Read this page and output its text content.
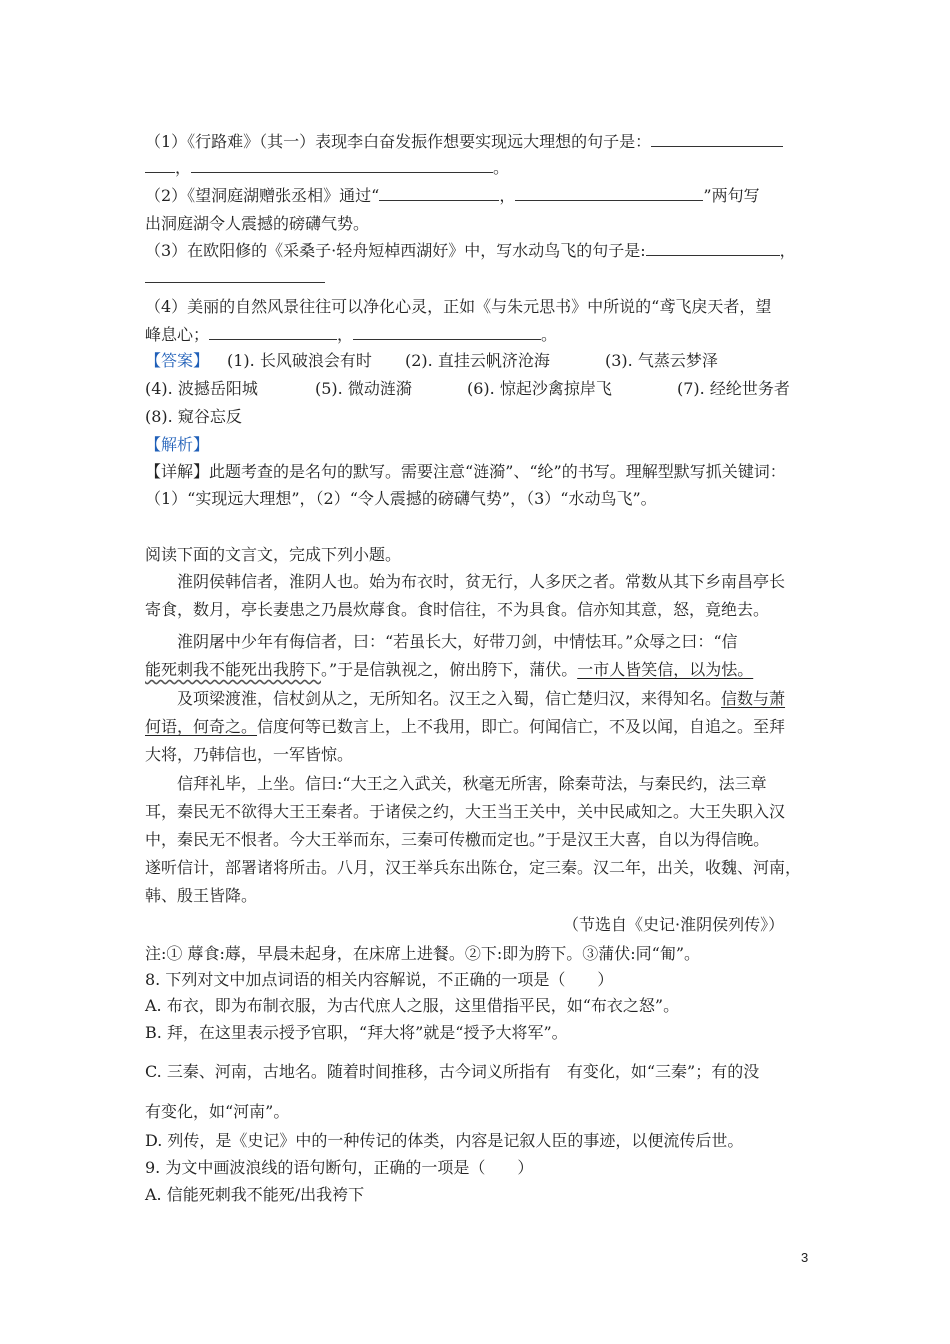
（1）《行路难》（其一）表现李白奋发振作想要实现远大理想的句子是：
，	。
（2）《望洞庭湖赠张丞相》通过“	，	”两句写
出洞庭湖令人震撼的磅礴气势。
（3）在欧阳修的《采桑子·轻舟短棹西湖好》中，写水动鸟飞的句子是:	，
（4）美丽的自然风景往往可以净化心灵，正如《与朱元思书》中所说的“鸢飞戾天者，望
峰息心；	，	。
【答案】 (1). 长风破浪会有时 (2). 直挂云帆济沧海	(3). 气蒸云梦泽
(4). 波撼岳阳城	(5). 微动涟漪	(6). 惊起沙禽掠岸飞	(7). 经纶世务者
(8). 窥谷忘反
【解析】
【详解】此题考查的是名句的默写。需要注意“涟漪”、“纶”的书写。理解型默写抓关键词：
（1）“实现远大理想”，（2）“令人震撼的磅礴气势”，（3）“水动鸟飞”。
阅读下面的文言文，完成下列小题。
淮阴侯韩信者，淮阴人也。始为布衣时，贫无行，人多厌之者。常数从其下乡南昌亭长
寄食，数月，亭长妻患之乃晨炊蓐食。食时信往，不为具食。信亦知其意，怒，竟绝去。
淮阴屠中少年有侮信者，曰：“若虽长大，好带刀剑，中情怯耳。”众辱之曰：“信
能死刺我不能死出我胯下。”于是信孰视之，俯出胯下，蒲伏。一市人皆笑信，以为怯。
及项梁渡淮，信杖剑从之，无所知名。汉王之入蜀，信亡楚归汉，来得知名。信数与萧
何语，何奇之。信度何等已数言上，上不我用，即亡。何闻信亡，不及以闻，自追之。至拜
大将，乃韩信也，一军皆惊。
信拜礼毕，上坐。信曰:“大王之入武关，秋毫无所害，除秦苛法，与秦民约，法三章
耳，秦民无不欲得大王王秦者。于诸侯之约，大王当王关中，关中民咸知之。大王失职入汉
中，秦民无不恨者。今大王举而东，三秦可传檄而定也。”于是汉王大喜，自以为得信晚。
遂听信计，部署诸将所击。八月，汉王举兵东出陈仓，定三秦。汉二年，出关，收魏、河南，
韩、殷王皆降。
（节选自《史记·淮阴侯列传》）
注:① 蓐食:蓐，早晨未起身，在床席上进餐。②下:即为胯下。③蒲伏:同“匍”。
8. 下列对文中加点词语的相关内容解说，不正确的一项是（　　）
A. 布衣，即为布制衣服，为古代庶人之服，这里借指平民，如“布衣之怒”。
B. 拜，在这里表示授予官职，“拜大将”就是“授予大将军”。
C. 三秦、河南，古地名。随着时间推移，古今词义所指有　有变化，如“三秦”；有的没
有变化，如“河南”。
D. 列传，是《史记》中的一种传记的体类，内容是记叙人臣的事迹，以便流传后世。
9. 为文中画波浪线的语句断句，正确的一项是（　　）
A. 信能死刺我不能死/出我袴下
3
